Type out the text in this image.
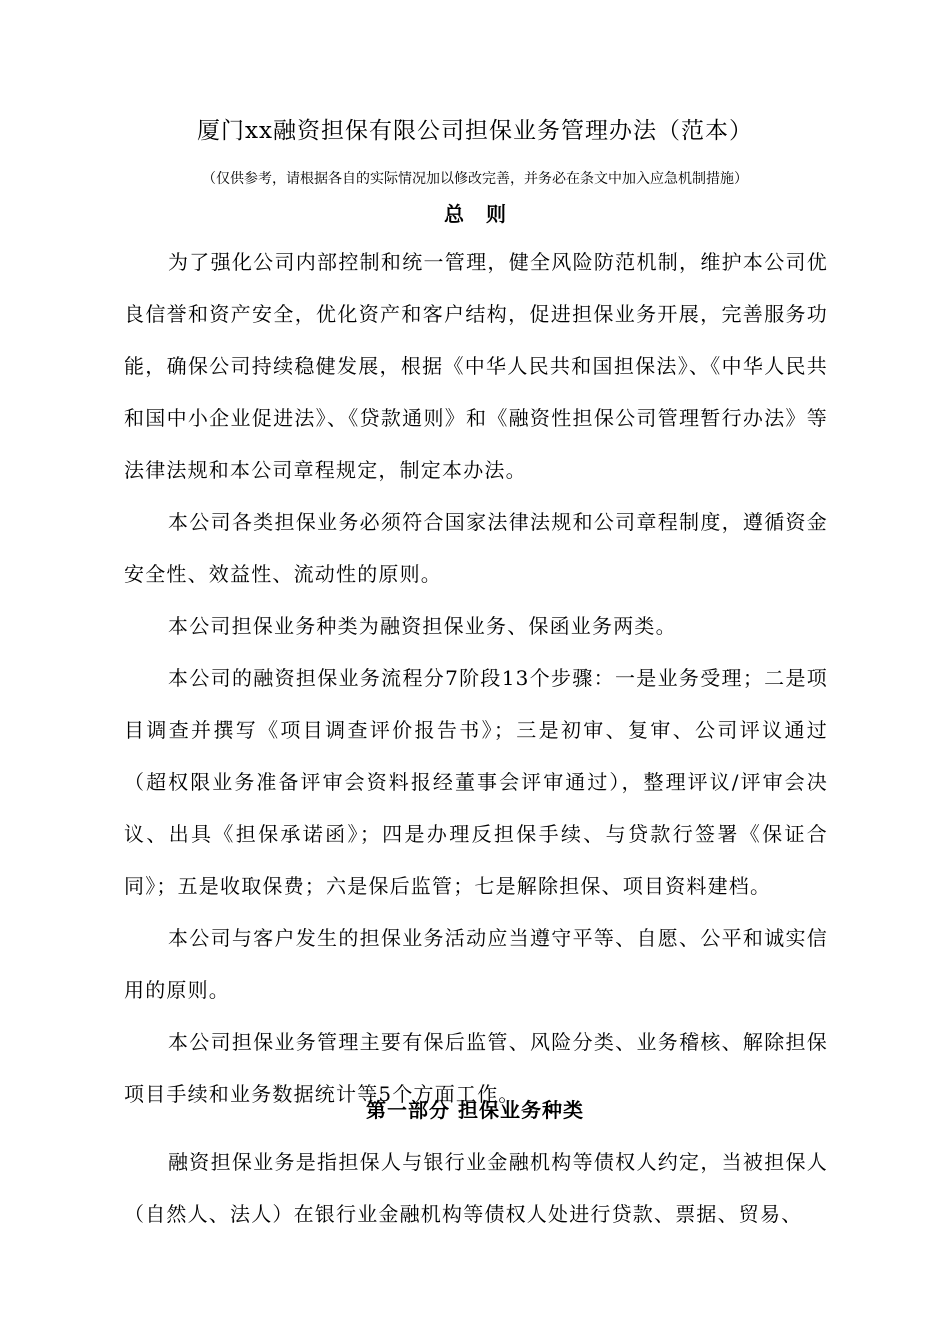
厦门xx融资担保有限公司担保业务管理办法（范本）
（仅供参考，请根据各自的实际情况加以修改完善，并务必在条文中加入应急机制措施）
总则

为了强化公司内部控制和统一管理，健全风险防范机制，维护本公司优良信誉和资产安全，优化资产和客户结构，促进担保业务开展，完善服务功能，确保公司持续稳健发展，根据《中华人民共和国担保法》、《中华人民共和国中小企业促进法》、《贷款通则》和《融资性担保公司管理暂行办法》等法律法规和本公司章程规定，制定本办法。

本公司各类担保业务必须符合国家法律法规和公司章程制度，遵循资金安全性、效益性、流动性的原则。

本公司担保业务种类为融资担保业务、保函业务两类。

本公司的融资担保业务流程分7阶段13个步骤：一是业务受理；二是项目调查并撰写《项目调查评价报告书》；三是初审、复审、公司评议通过（超权限业务准备评审会资料报经董事会评审通过），整理评议/评审会决议、出具《担保承诺函》；四是办理反担保手续、与贷款行签署《保证合同》；五是收取保费；六是保后监管；七是解除担保、项目资料建档。

本公司与客户发生的担保业务活动应当遵守平等、自愿、公平和诚实信用的原则。

本公司担保业务管理主要有保后监管、风险分类、业务稽核、解除担保项目手续和业务数据统计等5个方面工作。

第一部分 担保业务种类

融资担保业务是指担保人与银行业金融机构等债权人约定，当被担保人（自然人、法人）在银行业金融机构等债权人处进行贷款、票据、贸易、
